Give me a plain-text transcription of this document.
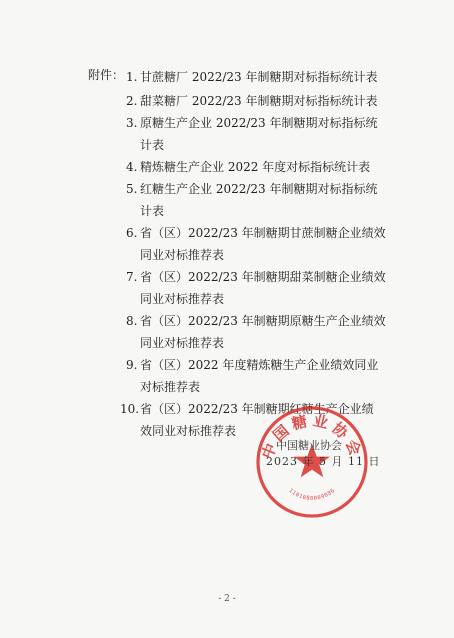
附件： 1. 甘蔗糖厂 2022/23 年制糖期对标指标统计表
2. 甜菜糖厂 2022/23 年制糖期对标指标统计表
3. 原糖生产企业 2022/23 年制糖期对标指标统
计表
4. 精炼糖生产企业 2022 年度对标指标统计表
5. 红糖生产企业 2022/23 年制糖期对标指标统
计表
6. 省（区）2022/23 年制糖期甘蔗制糖企业绩效
同业对标推荐表
7. 省（区）2022/23 年制糖期甜菜制糖企业绩效
同业对标推荐表
8. 省（区）2022/23 年制糖期原糖生产企业绩效
同业对标推荐表
9. 省（区）2022 年度精炼糖生产企业绩效同业
对标推荐表
10.省（区）2022/23 年制糖期红糖生产企业绩
效同业对标推荐表
中国糖业协会
1101080009086
中国糖业协会
2023 年 5 月 11 日
- 2 -
